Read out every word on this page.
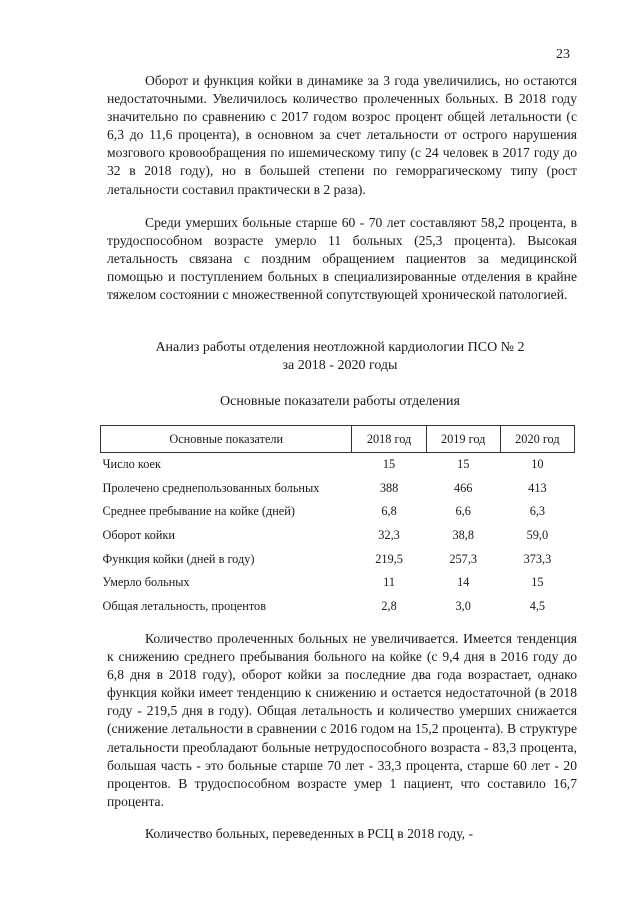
23

Оборот и функция койки в динамике за 3 года увеличились, но остаются недостаточными. Увеличилось количество пролеченных больных. В 2018 году значительно по сравнению с 2017 годом возрос процент общей летальности (с 6,3 до 11,6 процента), в основном за счет летальности от острого нарушения мозгового кровообращения по ишемическому типу (с 24 человек в 2017 году до 32 в 2018 году), но в большей степени по геморрагическому типу (рост летальности составил практически в 2 раза).

Среди умерших больные старше 60 - 70 лет составляют 58,2 процента, в трудоспособном возрасте умерло 11 больных (25,3 процента). Высокая летальность связана с поздним обращением пациентов за медицинской помощью и поступлением больных в специализированные отделения в крайне тяжелом состоянии с множественной сопутствующей хронической патологией.

Анализ работы отделения неотложной кардиологии ПСО № 2
за 2018 - 2020 годы
Основные показатели работы отделения
Основные показатели	2018 год	2019 год	2020 год
Число коек	15	15	10
Пролечено среднепользованных больных	388	466	413
Среднее пребывание на койке (дней)	6,8	6,6	6,3
Оборот койки	32,3	38,8	59,0
Функция койки (дней в году)	219,5	257,3	373,3
Умерло больных	11	14	15
Общая летальность, процентов	2,8	3,0	4,5

Количество пролеченных больных не увеличивается. Имеется тенденция к снижению среднего пребывания больного на койке (с 9,4 дня в 2016 году до 6,8 дня в 2018 году), оборот койки за последние два года возрастает, однако функция койки имеет тенденцию к снижению и остается недостаточной (в 2018 году - 219,5 дня в году). Общая летальность и количество умерших снижается (снижение летальности в сравнении с 2016 годом на 15,2 процента). В структуре летальности преобладают больные нетрудоспособного возраста - 83,3 процента, большая часть - это больные старше 70 лет - 33,3 процента, старше 60 лет - 20 процентов. В трудоспособном возрасте умер 1 пациент, что составило 16,7 процента.

Количество больных, переведенных в РСЦ в 2018 году, -
